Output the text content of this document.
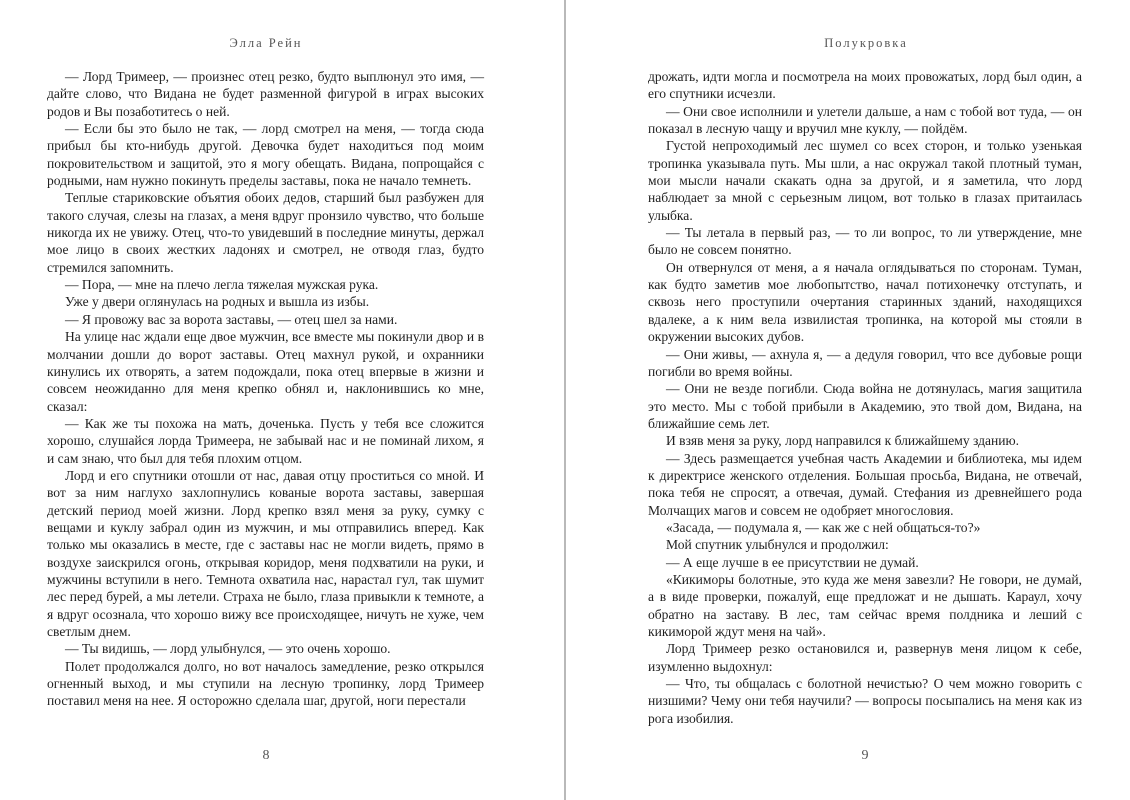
Элла Рейн

— Лорд Тримеер, — произнес отец резко, будто выплюнул это имя, — дайте слово, что Видана не будет разменной фигурой в играх высоких родов и Вы позаботитесь о ней.

— Если бы это было не так, — лорд смотрел на меня, — тогда сюда прибыл бы кто-нибудь другой. Девочка будет находиться под моим покровительством и защитой, это я могу обещать. Видана, попрощайся с родными, нам нужно покинуть пределы заставы, пока не начало темнеть.

Теплые стариковские объятия обоих дедов, старший был разбужен для такого случая, слезы на глазах, а меня вдруг пронзило чувство, что больше никогда их не увижу. Отец, что-то увидевший в последние минуты, держал мое лицо в своих жестких ладонях и смотрел, не отводя глаз, будто стремился запомнить.

— Пора, — мне на плечо легла тяжелая мужская рука.

Уже у двери оглянулась на родных и вышла из избы.

— Я провожу вас за ворота заставы, — отец шел за нами.

На улице нас ждали еще двое мужчин, все вместе мы покинули двор и в молчании дошли до ворот заставы. Отец махнул рукой, и охранники кинулись их отворять, а затем подождали, пока отец впервые в жизни и совсем неожиданно для меня крепко обнял и, наклонившись ко мне, сказал:

— Как же ты похожа на мать, доченька. Пусть у тебя все сложится хорошо, слушайся лорда Тримеера, не забывай нас и не поминай лихом, я и сам знаю, что был для тебя плохим отцом.

Лорд и его спутники отошли от нас, давая отцу проститься со мной. И вот за ним наглухо захлопнулись кованые ворота заставы, завершая детский период моей жизни. Лорд крепко взял меня за руку, сумку с вещами и куклу забрал один из мужчин, и мы отправились вперед. Как только мы оказались в месте, где с заставы нас не могли видеть, прямо в воздухе заискрился огонь, открывая коридор, меня подхватили на руки, и мужчины вступили в него. Темнота охватила нас, нарастал гул, так шумит лес перед бурей, а мы летели. Страха не было, глаза привыкли к темноте, а я вдруг осознала, что хорошо вижу все происходящее, ничуть не хуже, чем светлым днем.

— Ты видишь, — лорд улыбнулся, — это очень хорошо.

Полет продолжался долго, но вот началось замедление, резко открылся огненный выход, и мы ступили на лесную тропинку, лорд Тримеер поставил меня на нее. Я осторожно сделала шаг, другой, ноги перестали

8
Полукровка

дрожать, идти могла и посмотрела на моих провожатых, лорд был один, а его спутники исчезли.

— Они свое исполнили и улетели дальше, а нам с тобой вот туда, — он показал в лесную чащу и вручил мне куклу, — пойдём.

Густой непроходимый лес шумел со всех сторон, и только узенькая тропинка указывала путь. Мы шли, а нас окружал такой плотный туман, мои мысли начали скакать одна за другой, и я заметила, что лорд наблюдает за мной с серьезным лицом, вот только в глазах притаилась улыбка.

— Ты летала в первый раз, — то ли вопрос, то ли утверждение, мне было не совсем понятно.

Он отвернулся от меня, а я начала оглядываться по сторонам. Туман, как будто заметив мое любопытство, начал потихонечку отступать, и сквозь него проступили очертания старинных зданий, находящихся вдалеке, а к ним вела извилистая тропинка, на которой мы стояли в окружении высоких дубов.

— Они живы, — ахнула я, — а дедуля говорил, что все дубовые рощи погибли во время войны.

— Они не везде погибли. Сюда война не дотянулась, магия защитила это место. Мы с тобой прибыли в Академию, это твой дом, Видана, на ближайшие семь лет.

И взяв меня за руку, лорд направился к ближайшему зданию.

— Здесь размещается учебная часть Академии и библиотека, мы идем к директрисе женского отделения. Большая просьба, Видана, не отвечай, пока тебя не спросят, а отвечая, думай. Стефания из древнейшего рода Молчащих магов и совсем не одобряет многословия.

«Засада, — подумала я, — как же с ней общаться-то?»

Мой спутник улыбнулся и продолжил:

— А еще лучше в ее присутствии не думай.

«Кикиморы болотные, это куда же меня завезли? Не говори, не думай, а в виде проверки, пожалуй, еще предложат и не дышать. Караул, хочу обратно на заставу. В лес, там сейчас время полдника и леший с кикиморой ждут меня на чай».

Лорд Тримеер резко остановился и, развернув меня лицом к себе, изумленно выдохнул:

— Что, ты общалась с болотной нечистью? О чем можно говорить с низшими? Чему они тебя научили? — вопросы посыпались на меня как из рога изобилия.

9
